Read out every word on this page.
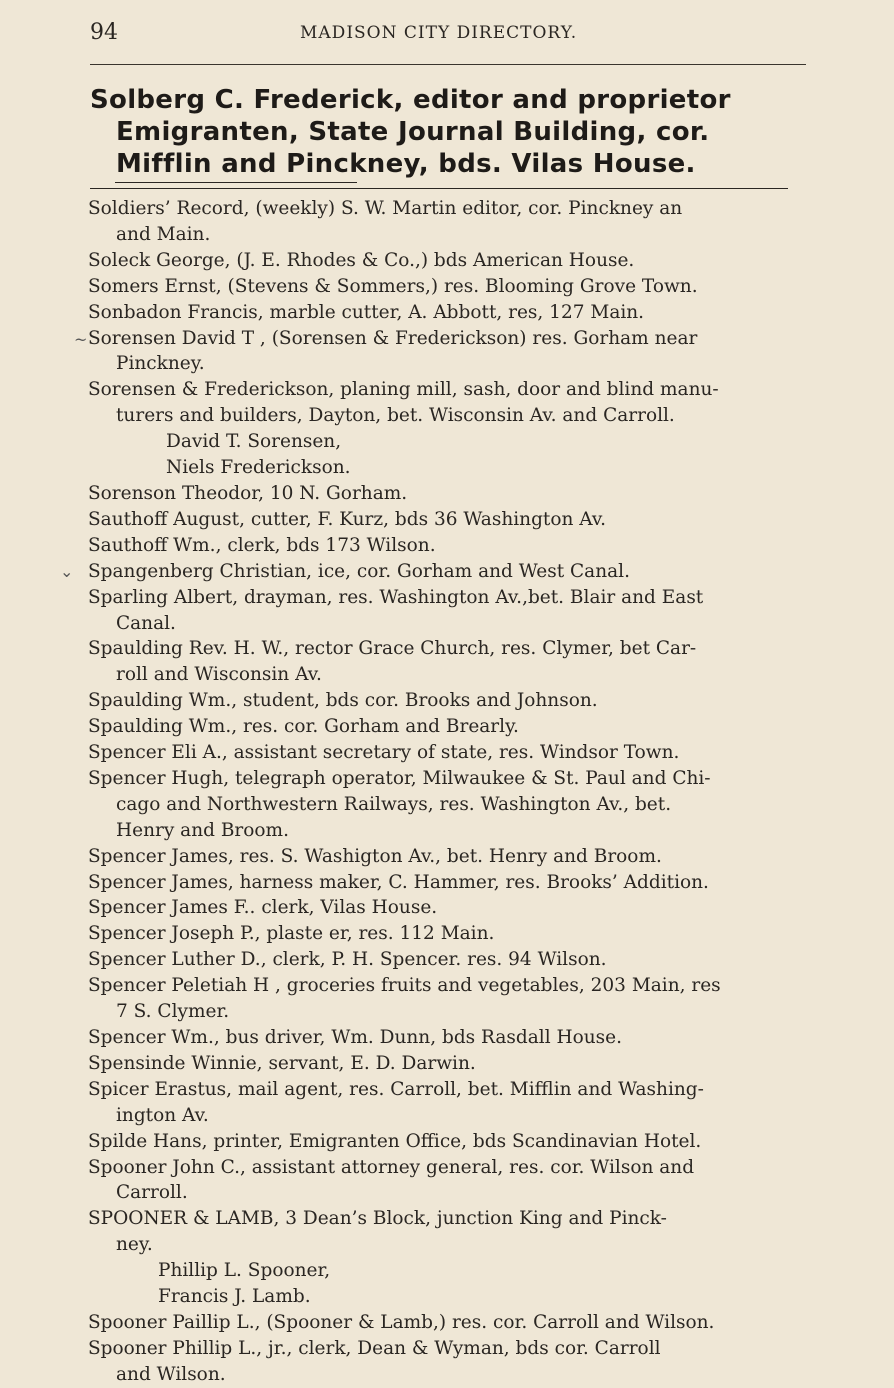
94	MADISON CITY DIRECTORY.
Solberg C. Frederick, editor and proprietor
Emigranten, State Journal Building, cor.
Mifflin and Pinckney, bds. Vilas House.
Soldiers’ Record, (weekly) S. W. Martin editor, cor. Pinckney an
and Main.
Soleck George, (J. E. Rhodes & Co.,) bds American House.
Somers Ernst, (Stevens & Sommers,) res. Blooming Grove Town.
Sonbadon Francis, marble cutter, A. Abbott, res, 127 Main.
Sorensen David T , (Sorensen & Frederickson) res. Gorham near
Pinckney.
Sorensen & Frederickson, planing mill, sash, door and blind manu-
turers and builders, Dayton, bet. Wisconsin Av. and Carroll.
David T. Sorensen,
Niels Frederickson.
Sorenson Theodor, 10 N. Gorham.
Sauthoff August, cutter, F. Kurz, bds 36 Washington Av.
Sauthoff Wm., clerk, bds 173 Wilson.
Spangenberg Christian, ice, cor. Gorham and West Canal.
Sparling Albert, drayman, res. Washington Av.,bet. Blair and East
Canal.
Spaulding Rev. H. W., rector Grace Church, res. Clymer, bet Car-
roll and Wisconsin Av.
Spaulding Wm., student, bds cor. Brooks and Johnson.
Spaulding Wm., res. cor. Gorham and Brearly.
Spencer Eli A., assistant secretary of state, res. Windsor Town.
Spencer Hugh, telegraph operator, Milwaukee & St. Paul and Chi-
cago and Northwestern Railways, res. Washington Av., bet.
Henry and Broom.
Spencer James, res. S. Washigton Av., bet. Henry and Broom.
Spencer James, harness maker, C. Hammer, res. Brooks’ Addition.
Spencer James F.. clerk, Vilas House.
Spencer Joseph P., plaste er, res. 112 Main.
Spencer Luther D., clerk, P. H. Spencer. res. 94 Wilson.
Spencer Peletiah H , groceries fruits and vegetables, 203 Main, res
7 S. Clymer.
Spencer Wm., bus driver, Wm. Dunn, bds Rasdall House.
Spensinde Winnie, servant, E. D. Darwin.
Spicer Erastus, mail agent, res. Carroll, bet. Mifflin and Washing-
ington Av.
Spilde Hans, printer, Emigranten Office, bds Scandinavian Hotel.
Spooner John C., assistant attorney general, res. cor. Wilson and
Carroll.
SPOONER & LAMB, 3 Dean’s Block, junction King and Pinck-
ney.
Phillip L. Spooner,
Francis J. Lamb.
Spooner Paillip L., (Spooner & Lamb,) res. cor. Carroll and Wilson.
Spooner Phillip L., jr., clerk, Dean & Wyman, bds cor. Carroll
and Wilson.
~
⌄
